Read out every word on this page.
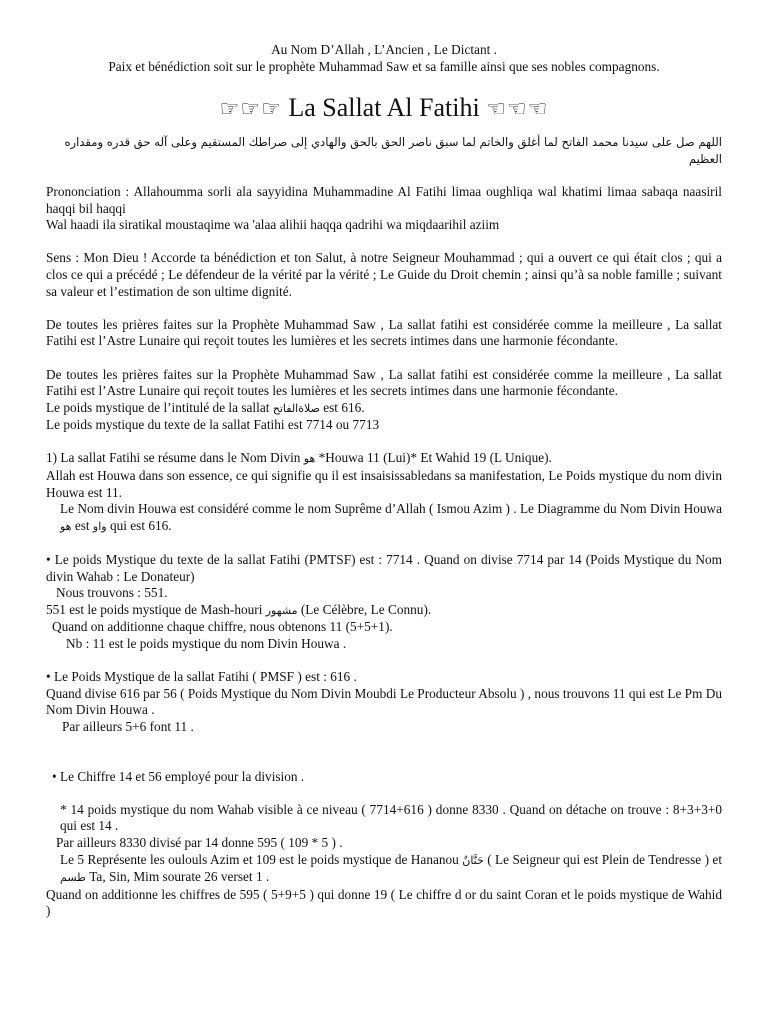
Au Nom D’Allah , L’Ancien , Le Dictant .

Paix et bénédiction soit sur le prophète Muhammad Saw et sa famille ainsi que ses nobles compagnons.

☞☞☞ La Sallat Al Fatihi ☜☜☜

اللهم صل على سيدنا محمد الفاتح لما أغلق والخاتم لما سبق ناصر الحق بالحق والهادي إلى صراطك المستقيم وعلى آله حق قدره ومقداره العظيم

Prononciation : Allahoumma sorli ala sayyidina Muhammadine Al Fatihi limaa oughliqa wal khatimi limaa sabaqa naasiril haqqi bil haqqi

Wal haadi ila siratikal moustaqime wa 'alaa alihii haqqa qadrihi wa miqdaarihil aziim

Sens : Mon Dieu ! Accorde ta bénédiction et ton Salut, à notre Seigneur Mouhammad ; qui a ouvert ce qui était clos ; qui a clos ce qui a précédé ; Le défendeur de la vérité par la vérité ; Le Guide du Droit chemin ; ainsi qu’à sa noble famille ; suivant sa valeur et l’estimation de son ultime dignité.

De toutes les prières faites sur la Prophète Muhammad Saw , La sallat fatihi est considérée comme la meilleure , La sallat Fatihi est l’Astre Lunaire qui reçoit toutes les lumières et les secrets intimes dans une harmonie fécondante.

De toutes les prières faites sur la Prophète Muhammad Saw , La sallat fatihi est considérée comme la meilleure , La sallat Fatihi est l’Astre Lunaire qui reçoit toutes les lumières et les secrets intimes dans une harmonie fécondante.

Le poids mystique de l’intitulé de la sallat صلاةالفاتح est 616.

Le poids mystique du texte de la sallat Fatihi est 7714 ou 7713

1) La sallat Fatihi se résume dans le Nom Divin هو *Houwa 11 (Lui)* Et Wahid 19 (L Unique).

Allah est Houwa dans son essence, ce qui signifie qu il est insaisissabledans sa manifestation, Le Poids mystique du nom divin Houwa est 11.

Le Nom divin Houwa est considéré comme le nom Suprême d’Allah ( Ismou Azim ) . Le Diagramme du Nom Divin Houwa هو est واو qui est 616.

• Le poids Mystique du texte de la sallat Fatihi (PMTSF) est : 7714 . Quand on divise 7714 par 14 (Poids Mystique du Nom divin Wahab : Le Donateur)

Nous trouvons : 551.

551 est le poids mystique de Mash-houri مشهور (Le Célèbre, Le Connu).

Quand on additionne chaque chiffre, nous obtenons 11 (5+5+1).

Nb : 11 est le poids mystique du nom Divin Houwa .

• Le Poids Mystique de la sallat Fatihi ( PMSF ) est : 616 .

Quand divise 616 par 56 ( Poids Mystique du Nom Divin Moubdi Le Producteur Absolu ) , nous trouvons 11 qui est Le Pm Du Nom Divin Houwa .

Par ailleurs 5+6 font 11 .

• Le Chiffre 14 et 56 employé pour la division .

* 14 poids mystique du nom Wahab visible à ce niveau ( 7714+616 ) donne 8330 . Quand on détache on trouve : 8+3+3+0 qui est 14 .

Par ailleurs 8330 divisé par 14 donne 595 ( 109 * 5 ) .

Le 5 Représente les oulouls Azim et 109 est le poids mystique de Hananou حَنَّانٌ ( Le Seigneur qui est Plein de Tendresse ) et طسم Ta, Sin, Mim sourate 26 verset 1 .

Quand on additionne les chiffres de 595 ( 5+9+5 ) qui donne 19 ( Le chiffre d or du saint Coran et le poids mystique de Wahid )
